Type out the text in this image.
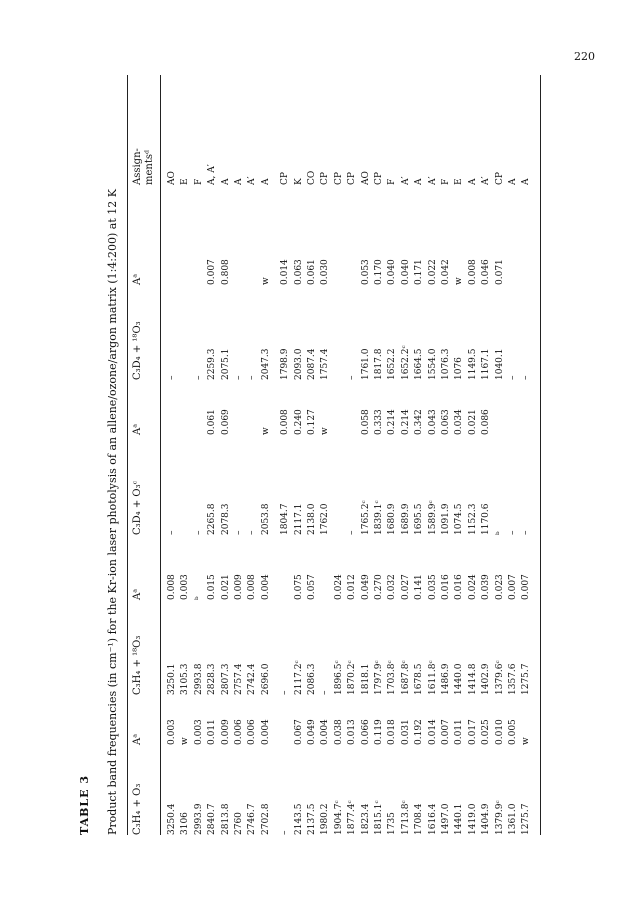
220
TABLE 3 Product band frequencies (in cm⁻¹) for the Kr-ion laser photolysis of an allene/ozone/argon matrix (1:4:200) at 12 K C₃H₄ + O₃
Aᵃ
C₃H₄ + ¹⁸O₃
Aᵃ
C₃D₄ + O₃ᶜ
Aᵃ
C₃D₄ + ¹⁸O₃
Aᵃ
Assign- mentsᵈ
3250.4
0.003
3250.1
0.008
–
–
AO
3106
w
3105.3
0.003
E
2993.9
0.003
2993.8
ᵇ
–
–
F
2840.7
0.011
2828.3
0.015
2265.8
0.061
2259.3
0.007
A, A′
2813.8
0.009
2807.3
0.021
2078.3
0.069
2075.1
0.808
A
2760
0.006
2757.4
0.009
–
–
A
2746.7
0.006
2742.4
0.008
–
–
A′
2702.8
0.004
2696.0
0.004
2053.8
w
2047.3
w
A
–
–
1804.7
0.008
1798.9
0.014
CP
2143.5
0.067
2117.2ᶜ
0.075
2117.1
0.240
2093.0
0.063
K
2137.5
0.049
2086.3
0.057
2138.0
0.127
2087.4
0.061
CO
1980.2
0.004
–
1762.0
w
1757.4
0.030
CP
1904.7ᶜ
0.038
1896.5ᶜ
0.024
CP
1877.4ᶜ
0.013
1870.2ᶜ
0.012
–
–
CP
1823.4
0.066
1818.1
0.049
1765.2ᶜ
0.058
1761.0
0.053
AO
1815.1ᶜ
0.119
1797.9ᶜ
0.270
1839.1ᶜ
0.333
1817.8
0.170
CP
1735
0.018
1703.8ᶜ
0.032
1680.9
0.214
1652.2
0.040
F
1713.8ᶜ
0.031
1687.8ᶜ
0.027
1689.9
0.214
1652.2ᶜ
0.040
A′
1708.4
0.192
1678.5
0.141
1695.5
0.342
1664.5
0.171
A
1616.4
0.014
1611.8ᶜ
0.035
1589.9ᶜ
0.043
1554.0
0.022
A′
1497.0
0.007
1486.9
0.016
1091.9
0.063
1076.3
0.042
F
1440.1
0.011
1440.0
0.016
1074.5
0.034
1076
w
E
1419.0
0.017
1414.8
0.024
1152.3
0.021
1149.5
0.008
A
1404.9
0.025
1402.9
0.039
1170.6
0.086
1167.1
0.046
A′
1379.9ᶜ
0.010
1379.6ᶜ
0.023
ᵇ
1040.1
0.071
CP
1361.0
0.005
1357.6
0.007
–
–
A
1275.7
w
1275.7
0.007
–
–
A
